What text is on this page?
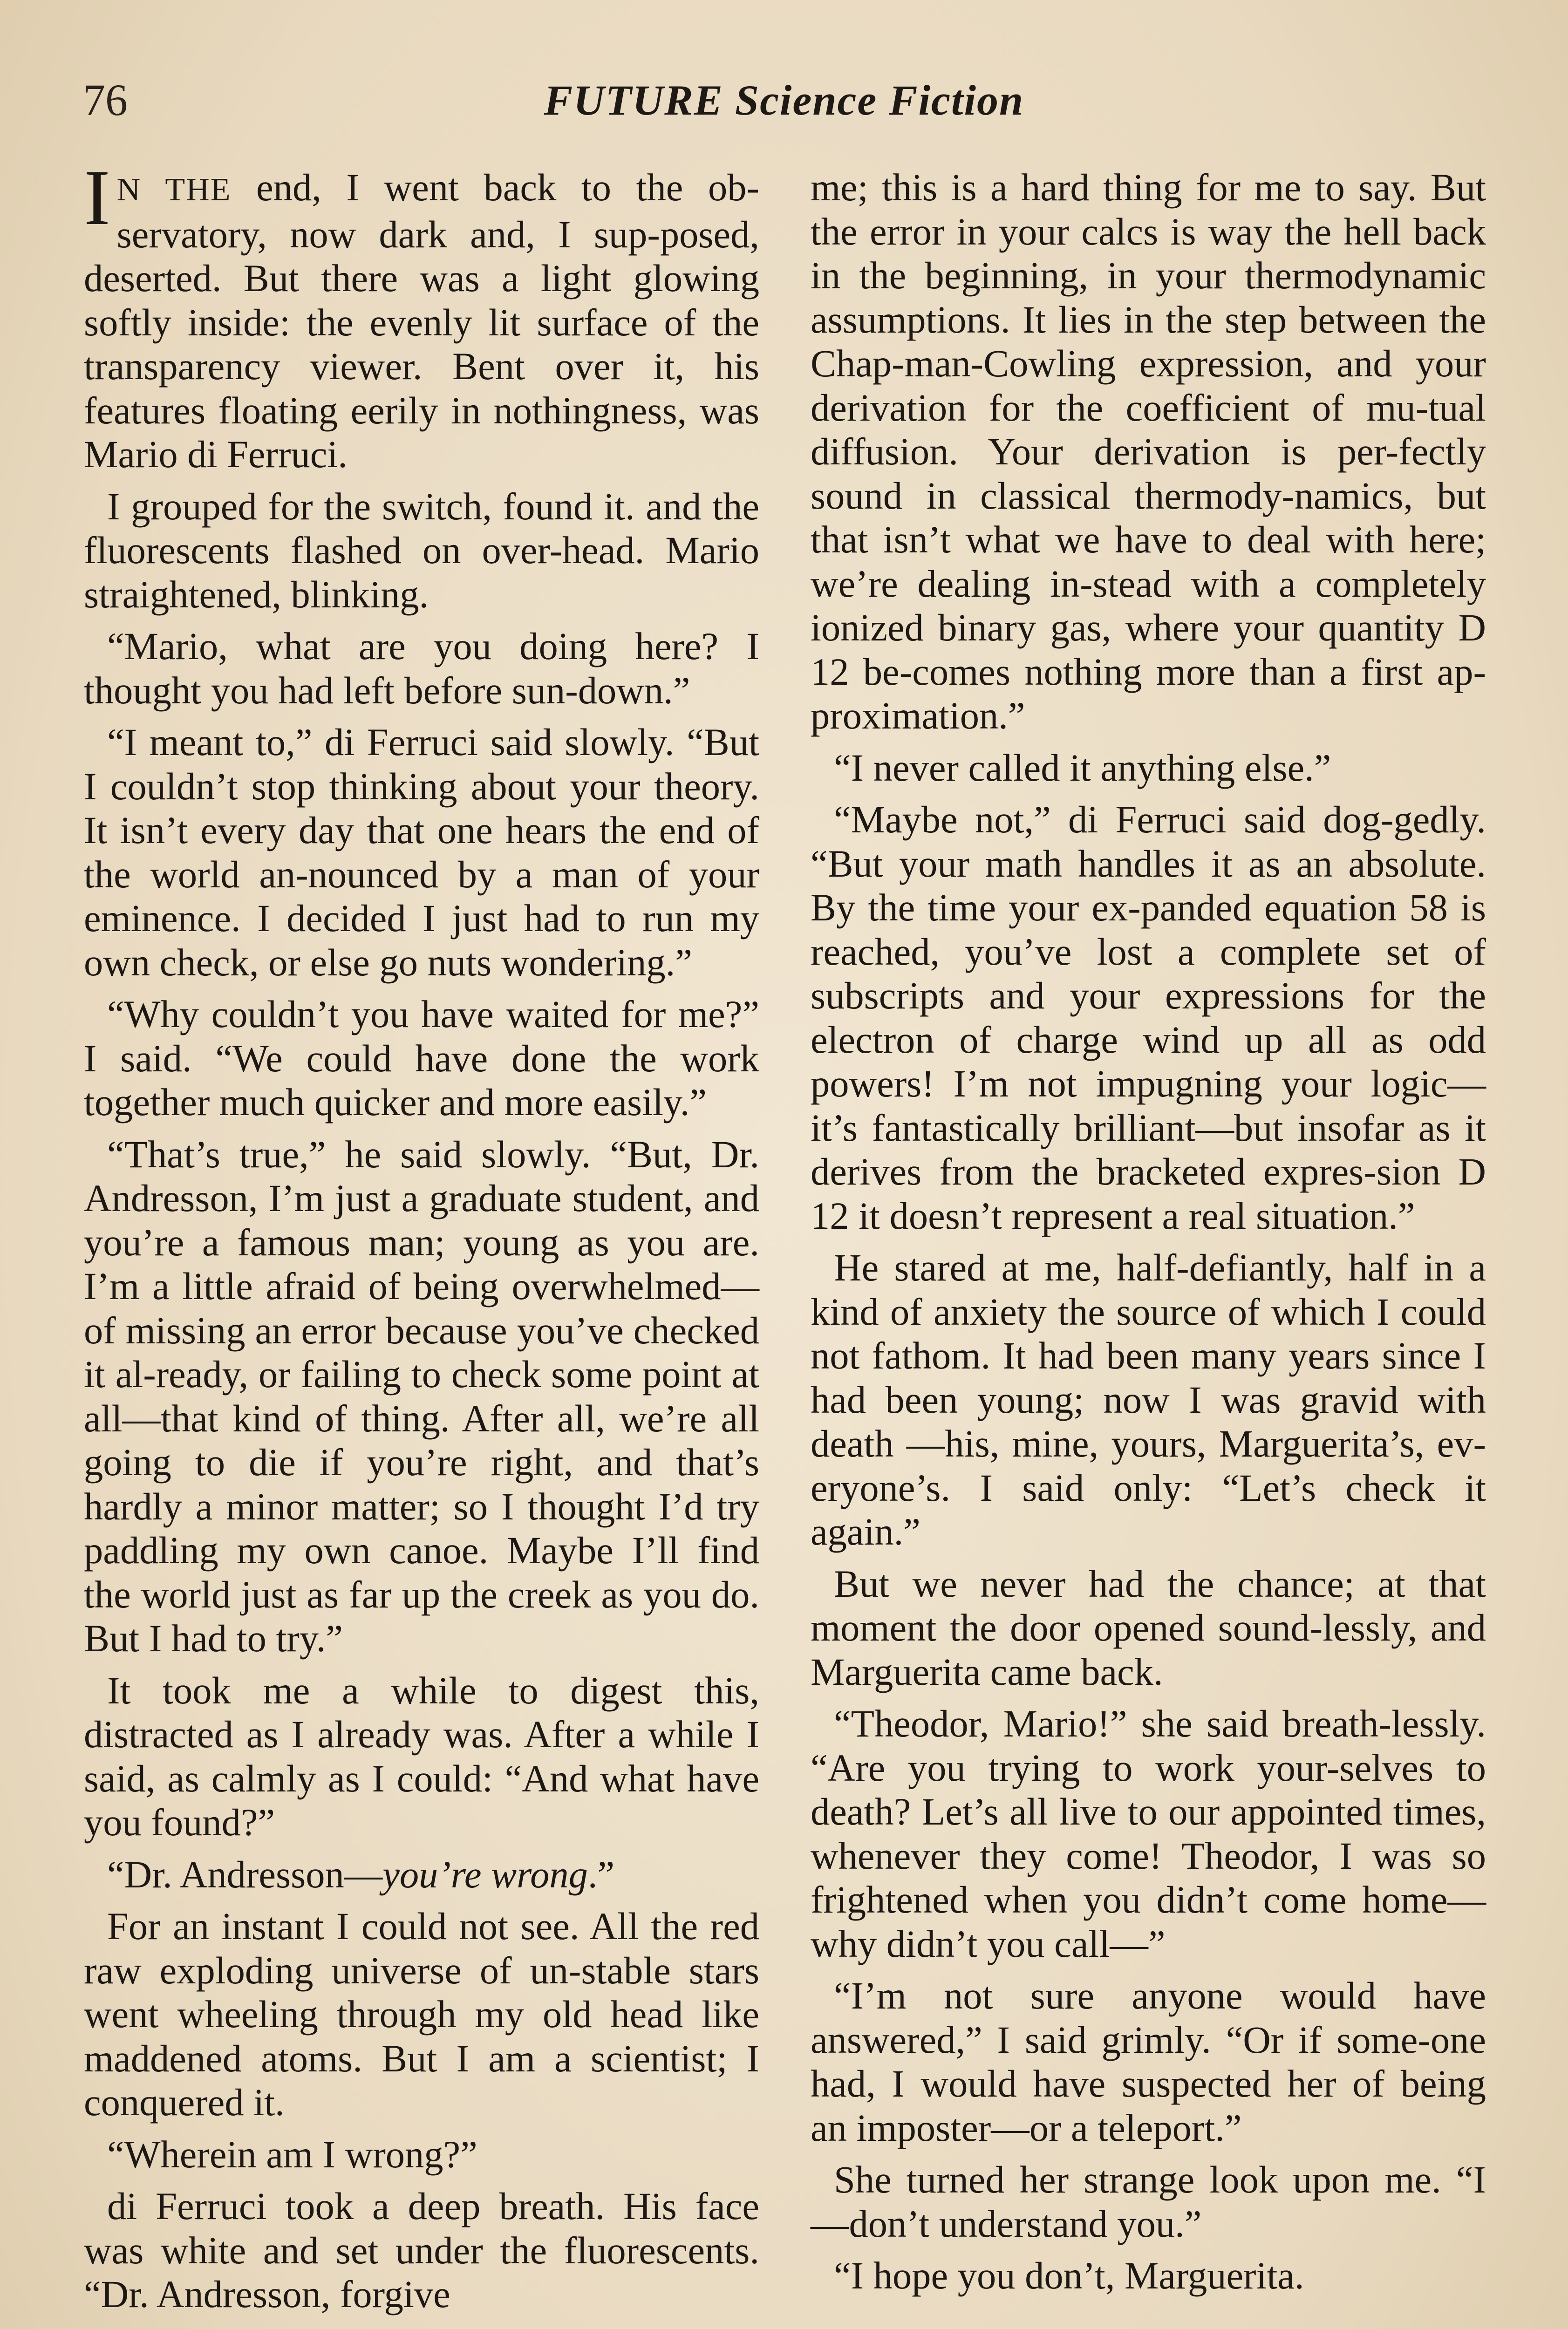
76	FUTURE Science Fiction

I N THE end, I went back to the ob-servatory, now dark and, I sup-posed, deserted. But there was a light glowing softly inside: the evenly lit surface of the transparency viewer. Bent over it, his features floating eerily in nothingness, was Mario di Ferruci.

I grouped for the switch, found it. and the fluorescents flashed on over-head. Mario straightened, blinking.

“Mario, what are you doing here? I thought you had left before sun-down.”

“I meant to,” di Ferruci said slowly. “But I couldn’t stop thinking about your theory. It isn’t every day that one hears the end of the world an-nounced by a man of your eminence. I decided I just had to run my own check, or else go nuts wondering.”

“Why couldn’t you have waited for me?” I said. “We could have done the work together much quicker and more easily.”

“That’s true,” he said slowly. “But, Dr. Andresson, I’m just a graduate student, and you’re a famous man; young as you are. I’m a little afraid of being overwhelmed—of missing an error because you’ve checked it al-ready, or failing to check some point at all—that kind of thing. After all, we’re all going to die if you’re right, and that’s hardly a minor matter; so I thought I’d try paddling my own canoe. Maybe I’ll find the world just as far up the creek as you do. But I had to try.”

It took me a while to digest this, distracted as I already was. After a while I said, as calmly as I could: “And what have you found?”

“Dr. Andresson—you’re wrong.”

For an instant I could not see. All the red raw exploding universe of un-stable stars went wheeling through my old head like maddened atoms. But I am a scientist; I conquered it.

“Wherein am I wrong?”

di Ferruci took a deep breath. His face was white and set under the fluorescents. “Dr. Andresson, forgive

me; this is a hard thing for me to say. But the error in your calcs is way the hell back in the beginning, in your thermodynamic assumptions. It lies in the step between the Chap-man-Cowling expression, and your derivation for the coefficient of mu-tual diffusion. Your derivation is per-fectly sound in classical thermody-namics, but that isn’t what we have to deal with here; we’re dealing in-stead with a completely ionized binary gas, where your quantity D 12 be-comes nothing more than a first ap-proximation.”

“I never called it anything else.”

“Maybe not,” di Ferruci said dog-gedly. “But your math handles it as an absolute. By the time your ex-panded equation 58 is reached, you’ve lost a complete set of subscripts and your expressions for the electron of charge wind up all as odd powers! I’m not impugning your logic—it’s fantastically brilliant—but insofar as it derives from the bracketed expres-sion D 12 it doesn’t represent a real situation.”

He stared at me, half-defiantly, half in a kind of anxiety the source of which I could not fathom. It had been many years since I had been young; now I was gravid with death —his, mine, yours, Marguerita’s, ev-eryone’s. I said only: “Let’s check it again.”

But we never had the chance; at that moment the door opened sound-lessly, and Marguerita came back.

“Theodor, Mario!” she said breath-lessly. “Are you trying to work your-selves to death? Let’s all live to our appointed times, whenever they come! Theodor, I was so frightened when you didn’t come home—why didn’t you call—”

“I’m not sure anyone would have answered,” I said grimly. “Or if some-one had, I would have suspected her of being an imposter—or a teleport.”

She turned her strange look upon me. “I—don’t understand you.”

“I hope you don’t, Marguerita.
